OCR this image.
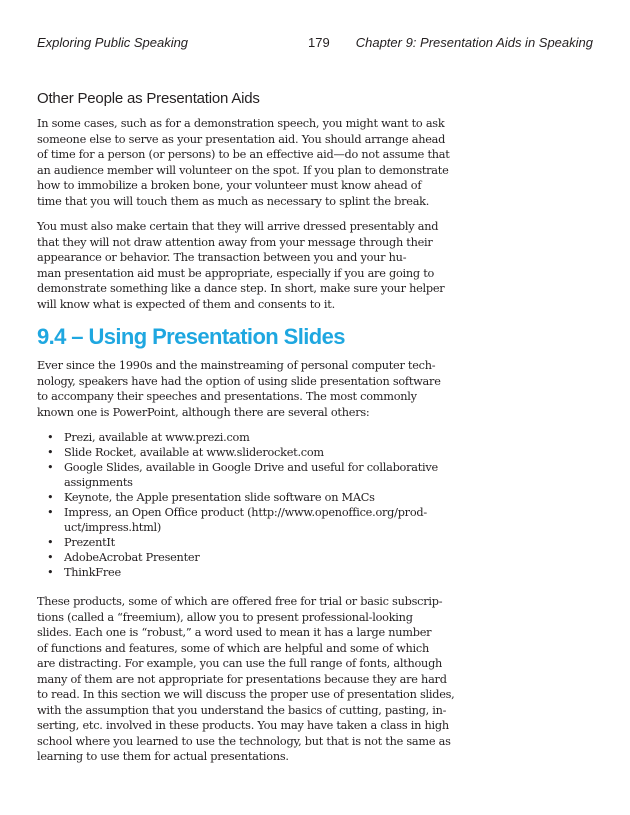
Exploring Public Speaking	179 Chapter 9: Presentation Aids in Speaking
Other People as Presentation Aids

In some cases, such as for a demonstration speech, you might want to ask
someone else to serve as your presentation aid. You should arrange ahead
of time for a person (or persons) to be an effective aid—do not assume that
an audience member will volunteer on the spot. If you plan to demonstrate
how to immobilize a broken bone, your volunteer must know ahead of
time that you will touch them as much as necessary to splint the break.

You must also make certain that they will arrive dressed presentably and
that they will not draw attention away from your message through their
appearance or behavior. The transaction between you and your hu-
man presentation aid must be appropriate, especially if you are going to
demonstrate something like a dance step. In short, make sure your helper
will know what is expected of them and consents to it.

9.4 – Using Presentation Slides

Ever since the 1990s and the mainstreaming of personal computer tech-
nology, speakers have had the option of using slide presentation software
to accompany their speeches and presentations. The most commonly
known one is PowerPoint, although there are several others:

• Prezi, available at www.prezi.com
• Slide Rocket, available at www.sliderocket.com
• Google Slides, available in Google Drive and useful for collaborative
assignments
• Keynote, the Apple presentation slide software on MACs
• Impress, an Open Office product (http://www.openoffice.org/prod-
uct/impress.html)
• PrezentIt
• AdobeAcrobat Presenter
• ThinkFree

These products, some of which are offered free for trial or basic subscrip-
tions (called a “freemium), allow you to present professional-looking
slides. Each one is “robust,” a word used to mean it has a large number
of functions and features, some of which are helpful and some of which
are distracting. For example, you can use the full range of fonts, although
many of them are not appropriate for presentations because they are hard
to read. In this section we will discuss the proper use of presentation slides,
with the assumption that you understand the basics of cutting, pasting, in-
serting, etc. involved in these products. You may have taken a class in high
school where you learned to use the technology, but that is not the same as
learning to use them for actual presentations.
